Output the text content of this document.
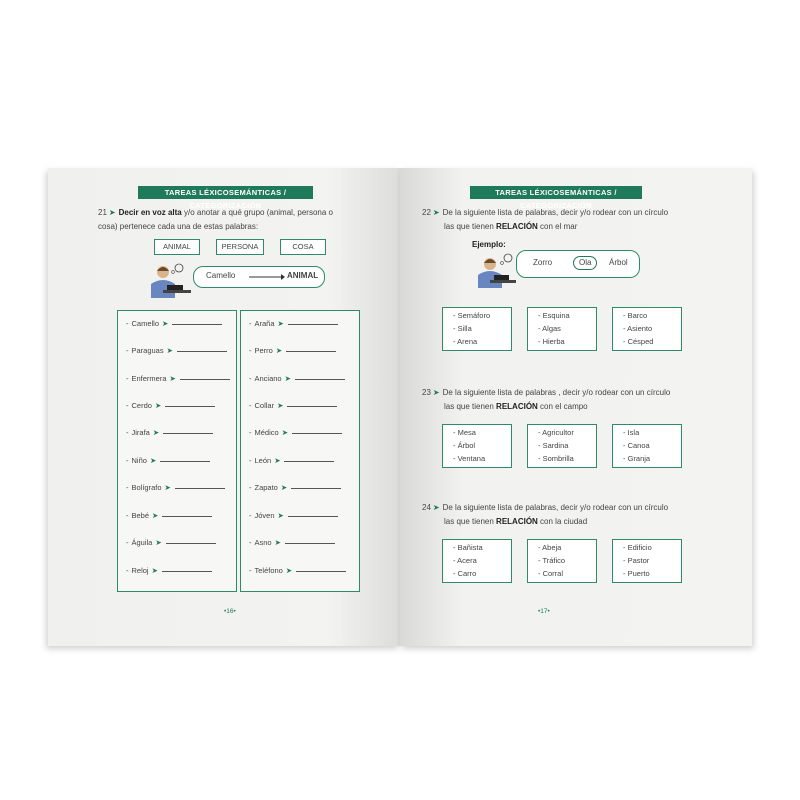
TAREAS LÉXICOSEMÁNTICAS / CATEGORIZACIÓN
21 ➤ Decir en voz alta y/o anotar a qué grupo (animal, persona o
cosa) pertenece cada una de estas palabras:
ANIMAL	PERSONA	COSA
Camello	ANIMAL
- Camello ➤
- Paraguas ➤
- Enfermera ➤
- Cerdo ➤
- Jirafa ➤
- Niño ➤
- Bolígrafo ➤
- Bebé ➤
- Águila ➤
- Reloj ➤
- Araña ➤
- Perro ➤
- Anciano ➤
- Collar ➤
- Médico ➤
- León ➤
- Zapato ➤
- Jóven ➤
- Asno ➤
- Teléfono ➤
•16•
TAREAS LÉXICOSEMÁNTICAS / CATEGORIZACIÓN
22 ➤ De la siguiente lista de palabras, decir y/o rodear con un círculo
las que tienen RELACIÓN con el mar
Ejemplo:
Zorro	Ola	Árbol
- Semáforo
- Silla
- Arena
- Esquina
- Algas
- Hierba
- Barco
- Asiento
- Césped
23 ➤ De la siguiente lista de palabras , decir y/o rodear con un círculo
las que tienen RELACIÓN con el campo
- Mesa
- Árbol
- Ventana
- Agricultor
- Sardina
- Sombrilla
- Isla
- Canoa
- Granja
24 ➤ De la siguiente lista de palabras, decir y/o rodear con un círculo
las que tienen RELACIÓN con la ciudad
- Bañista
- Acera
- Carro
- Abeja
- Tráfico
- Corral
- Edificio
- Pastor
- Puerto
•17•
